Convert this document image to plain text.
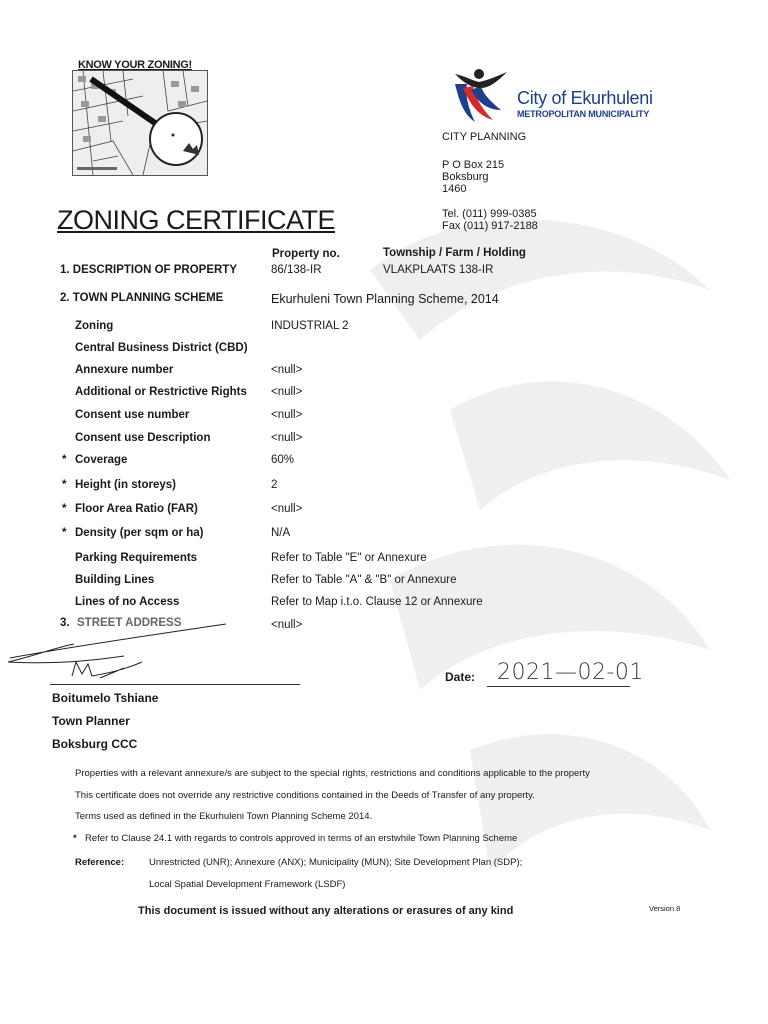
KNOW YOUR ZONING!
City of Ekurhuleni
METROPOLITAN MUNICIPALITY
CITY PLANNING
P O Box 215
Boksburg
1460
Tel. (011) 999-0385
Fax (011) 917-2188
ZONING CERTIFICATE
Property no.	Township / Farm / Holding
1. DESCRIPTION OF PROPERTY	86/138-IR	VLAKPLAATS 138-IR
2. TOWN PLANNING SCHEME	Ekurhuleni Town Planning Scheme, 2014
Zoning	INDUSTRIAL 2
Central Business District (CBD)
Annexure number	<null>
Additional or Restrictive Rights <null>
Consent use number	<null>
Consent use Description	<null>
* Coverage	60%
* Height (in storeys)	2
* Floor Area Ratio (FAR)	<null>
* Density (per sqm or ha)	N/A
Parking Requirements	Refer to Table "E" or Annexure
Building Lines	Refer to Table "A" & "B" or Annexure
Lines of no Access	Refer to Map i.t.o. Clause 12 or Annexure
3. STREET ADDRESS	<null>
Boitumelo Tshiane
Town Planner
Boksburg CCC
Date: 2021—02-01
Properties with a relevant annexure/s are subject to the special rights, restrictions and conditions applicable to the property
This certificate does not override any restrictive conditions contained in the Deeds of Transfer of any property.
Terms used as defined in the Ekurhuleni Town Planning Scheme 2014.
* Refer to Clause 24.1 with regards to controls approved in terms of an erstwhile Town Planning Scheme
Reference:	Unrestricted (UNR); Annexure (ANX); Municipality (MUN); Site Development Plan (SDP);
Local Spatial Development Framework (LSDF)
This document is issued without any alterations or erasures of any kind	Version 8
